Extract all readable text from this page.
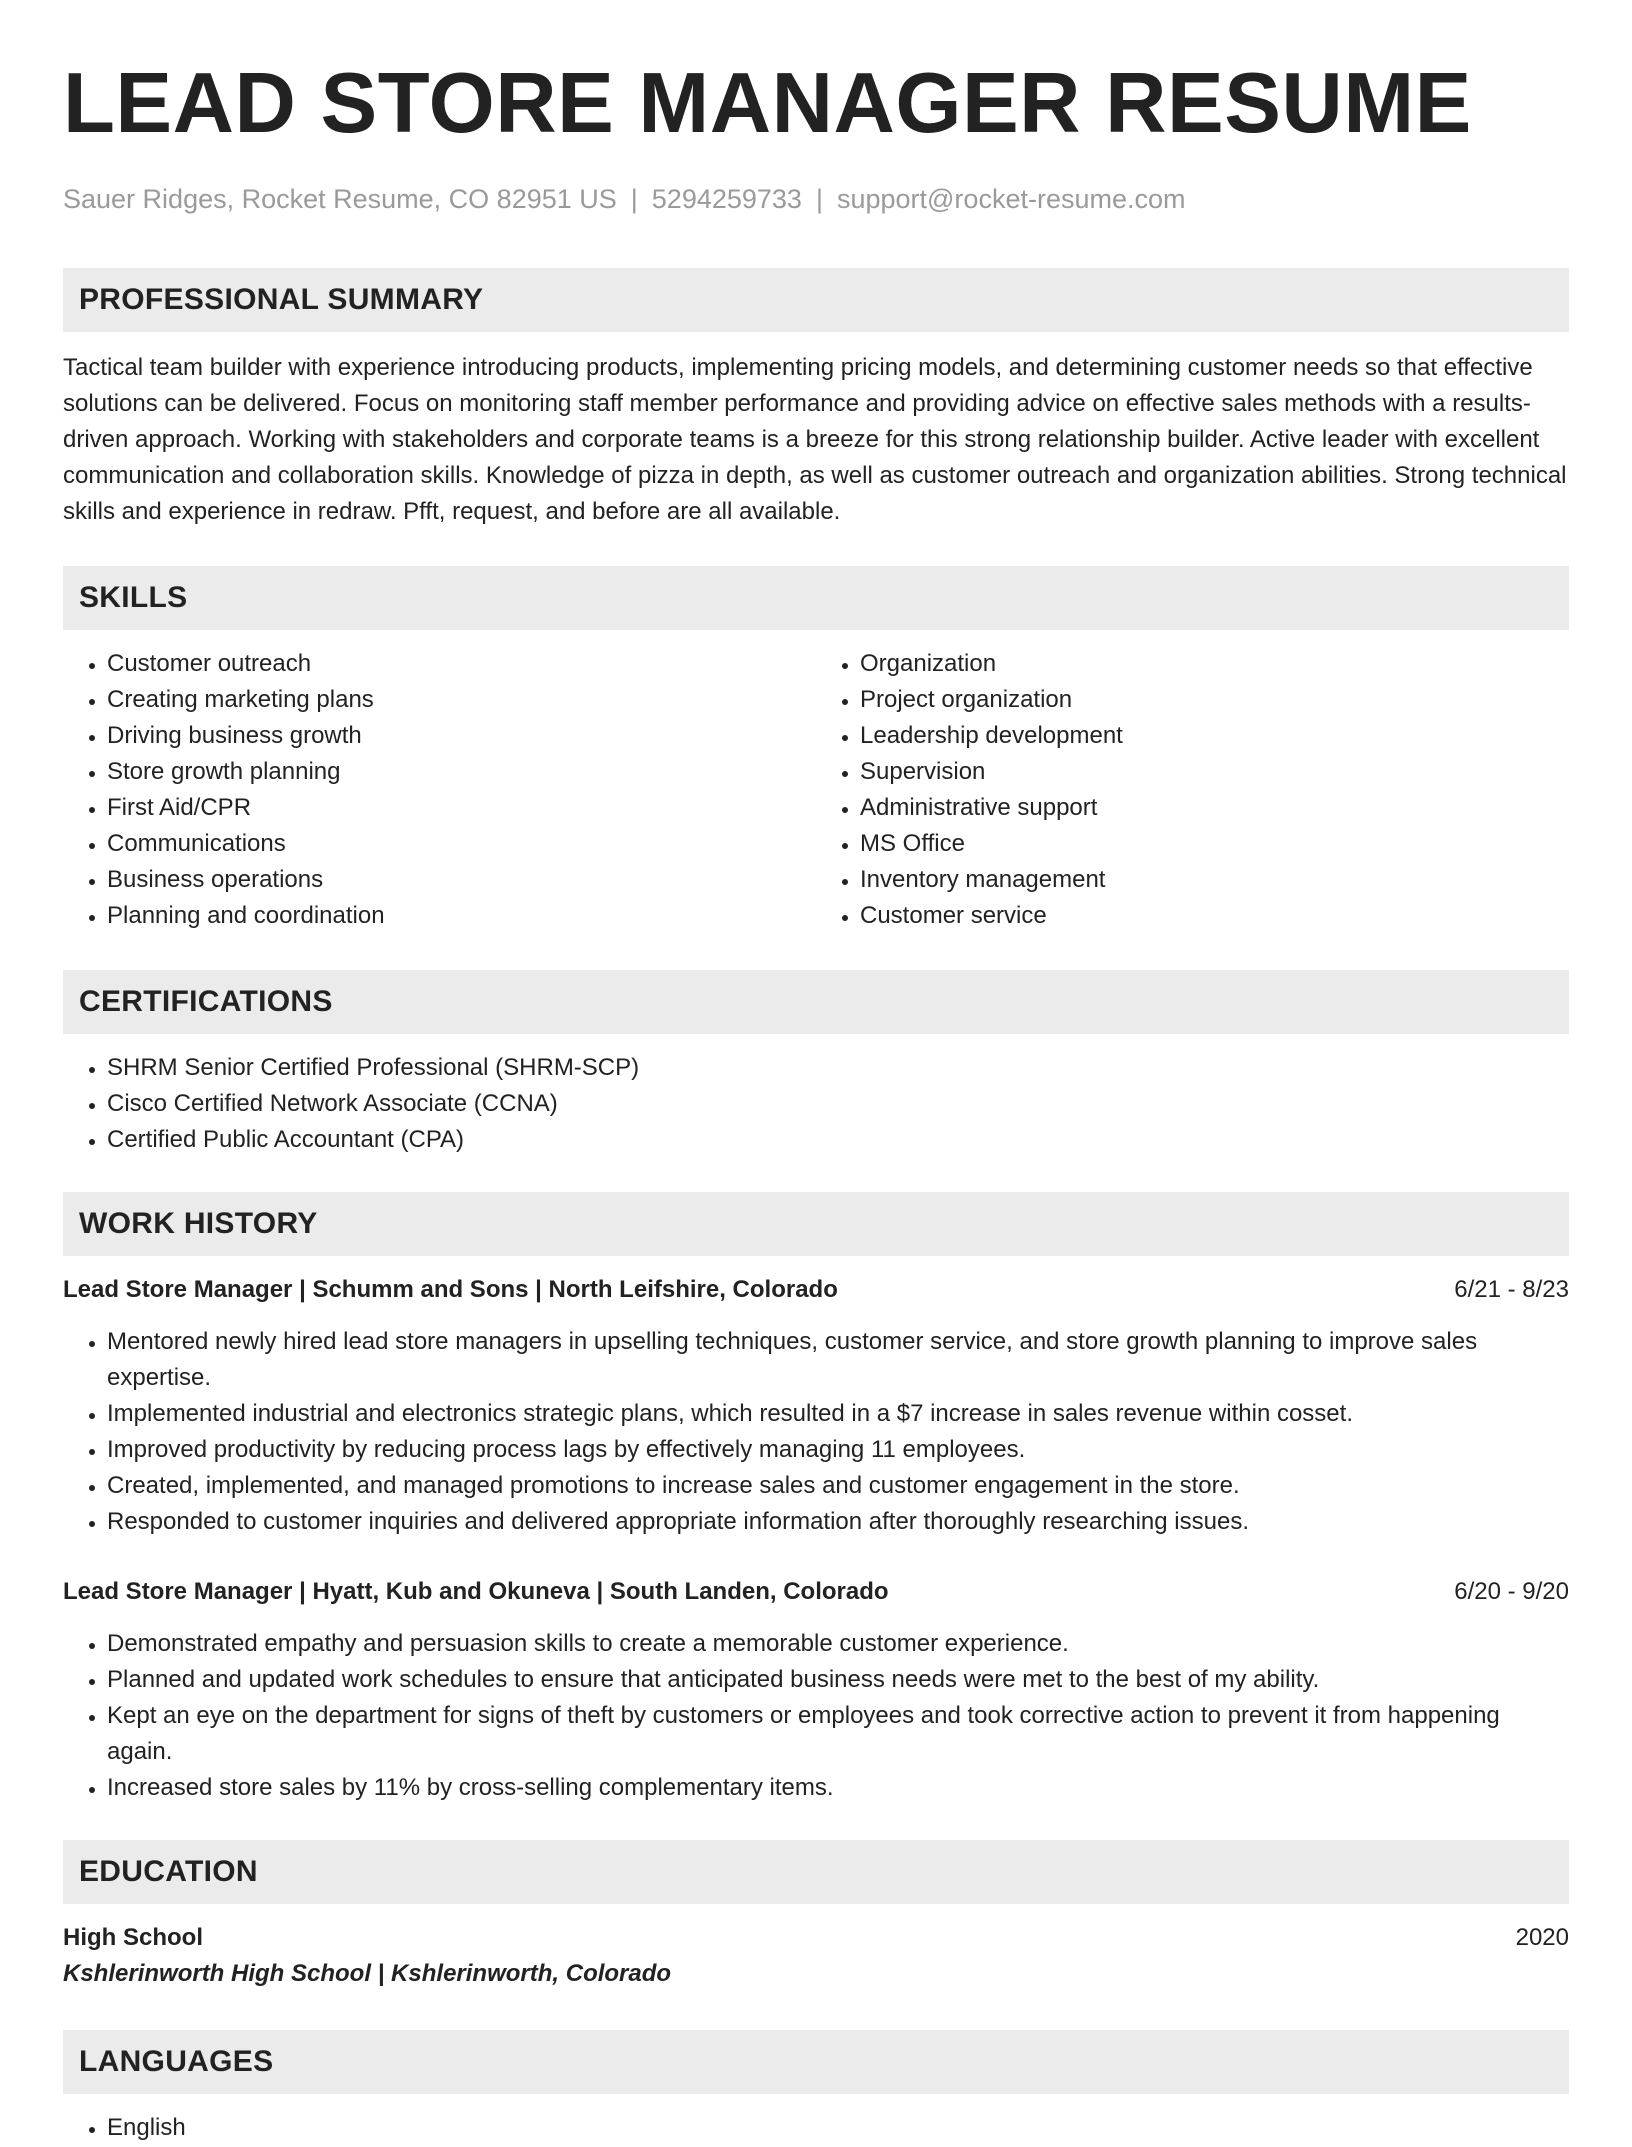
LEAD STORE MANAGER RESUME
Sauer Ridges, Rocket Resume, CO 82951 US | 5294259733 | support@rocket-resume.com
PROFESSIONAL SUMMARY

Tactical team builder with experience introducing products, implementing pricing models, and determining customer needs so that effective solutions can be delivered. Focus on monitoring staff member performance and providing advice on effective sales methods with a results-driven approach. Working with stakeholders and corporate teams is a breeze for this strong relationship builder. Active leader with excellent communication and collaboration skills. Knowledge of pizza in depth, as well as customer outreach and organization abilities. Strong technical skills and experience in redraw. Pfft, request, and before are all available.

SKILLS
• Customer outreach
• Creating marketing plans
• Driving business growth
• Store growth planning
• First Aid/CPR
• Communications
• Business operations
• Planning and coordination
• Organization
• Project organization
• Leadership development
• Supervision
• Administrative support
• MS Office
• Inventory management
• Customer service
CERTIFICATIONS
• SHRM Senior Certified Professional (SHRM-SCP)
• Cisco Certified Network Associate (CCNA)
• Certified Public Accountant (CPA)
WORK HISTORY
Lead Store Manager | Schumm and Sons | North Leifshire, Colorado	6/21 - 8/23
• Mentored newly hired lead store managers in upselling techniques, customer service, and store growth planning to improve sales expertise.
• Implemented industrial and electronics strategic plans, which resulted in a $7 increase in sales revenue within cosset.
• Improved productivity by reducing process lags by effectively managing 11 employees.
• Created, implemented, and managed promotions to increase sales and customer engagement in the store.
• Responded to customer inquiries and delivered appropriate information after thoroughly researching issues.
Lead Store Manager | Hyatt, Kub and Okuneva | South Landen, Colorado	6/20 - 9/20
• Demonstrated empathy and persuasion skills to create a memorable customer experience.
• Planned and updated work schedules to ensure that anticipated business needs were met to the best of my ability.
• Kept an eye on the department for signs of theft by customers or employees and took corrective action to prevent it from happening again.
• Increased store sales by 11% by cross-selling complementary items.
EDUCATION
High School	2020
Kshlerinworth High School | Kshlerinworth, Colorado
LANGUAGES
• English
